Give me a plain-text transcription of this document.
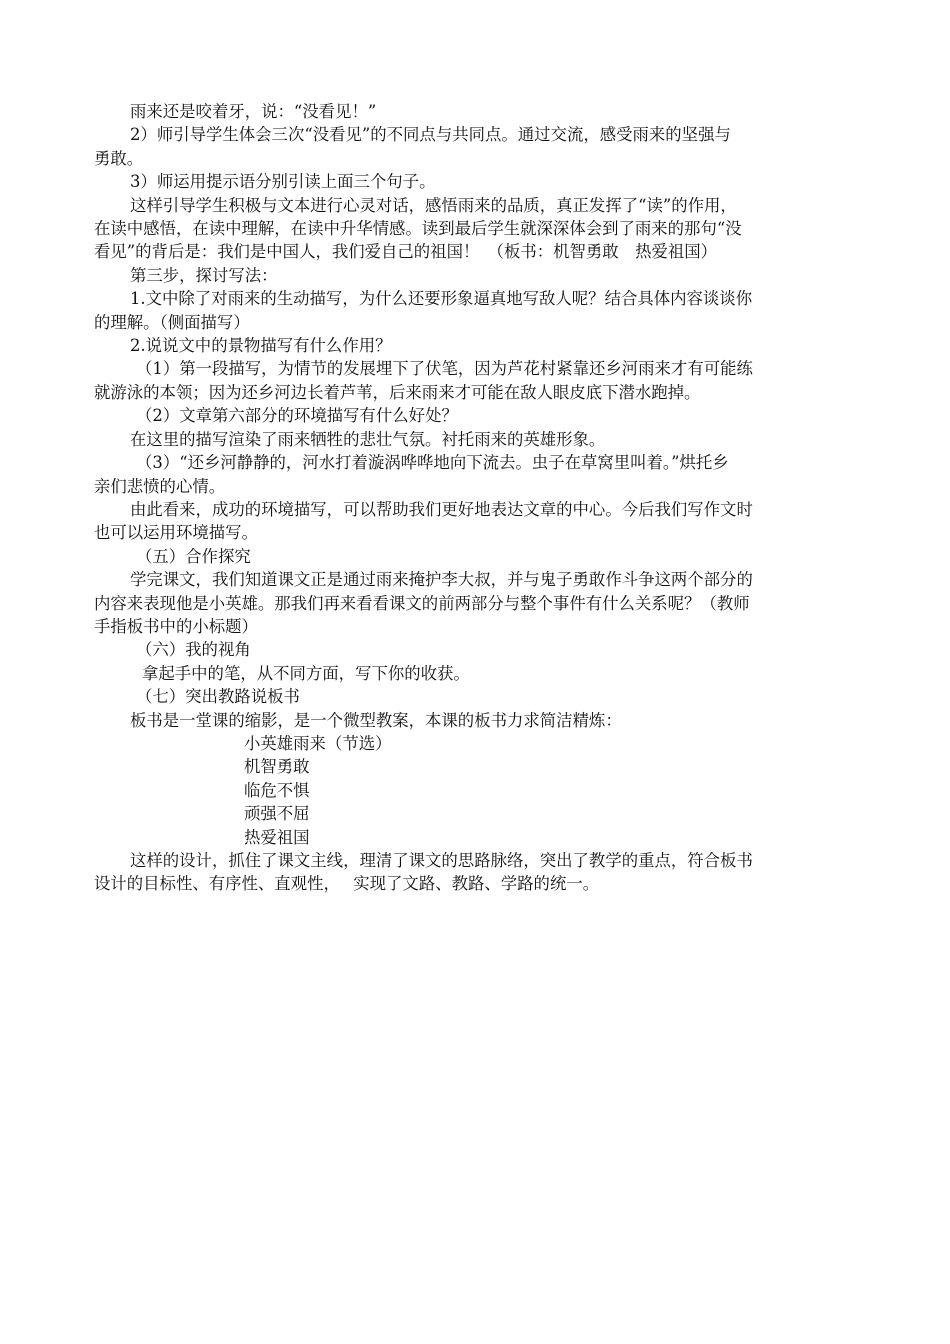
雨来还是咬着牙，说：“没看见！”

2）师引导学生体会三次“没看见”的不同点与共同点。通过交流，感受雨来的坚强与

勇敢。

3）师运用提示语分别引读上面三个句子。

这样引导学生积极与文本进行心灵对话，感悟雨来的品质，真正发挥了“读”的作用，

在读中感悟，在读中理解，在读中升华情感。读到最后学生就深深体会到了雨来的那句“没

看见”的背后是：我们是中国人，我们爱自己的祖国！　（板书：机智勇敢　热爱祖国）

第三步，探讨写法：

1.文中除了对雨来的生动描写，为什么还要形象逼真地写敌人呢？结合具体内容谈谈你

的理解。（侧面描写）

2.说说文中的景物描写有什么作用？

（1）第一段描写，为情节的发展埋下了伏笔，因为芦花村紧靠还乡河雨来才有可能练

就游泳的本领；因为还乡河边长着芦苇，后来雨来才可能在敌人眼皮底下潜水跑掉。

（2）文章第六部分的环境描写有什么好处？

在这里的描写渲染了雨来牺牲的悲壮气氛。衬托雨来的英雄形象。

（3）“还乡河静静的，河水打着漩涡哗哗地向下流去。虫子在草窝里叫着。”烘托乡

亲们悲愤的心情。

由此看来，成功的环境描写，可以帮助我们更好地表达文章的中心。今后我们写作文时

也可以运用环境描写。

（五）合作探究

学完课文，我们知道课文正是通过雨来掩护李大叔，并与鬼子勇敢作斗争这两个部分的

内容来表现他是小英雄。那我们再来看看课文的前两部分与整个事件有什么关系呢？（教师

手指板书中的小标题）

（六）我的视角

拿起手中的笔，从不同方面，写下你的收获。

（七）突出教路说板书

板书是一堂课的缩影，是一个微型教案，本课的板书力求简洁精炼：

小英雄雨来（节选）

机智勇敢

临危不惧

顽强不屈

热爱祖国

这样的设计，抓住了课文主线，理清了课文的思路脉络，突出了教学的重点，符合板书

设计的目标性、有序性、直观性，　 实现了文路、教路、学路的统一。
